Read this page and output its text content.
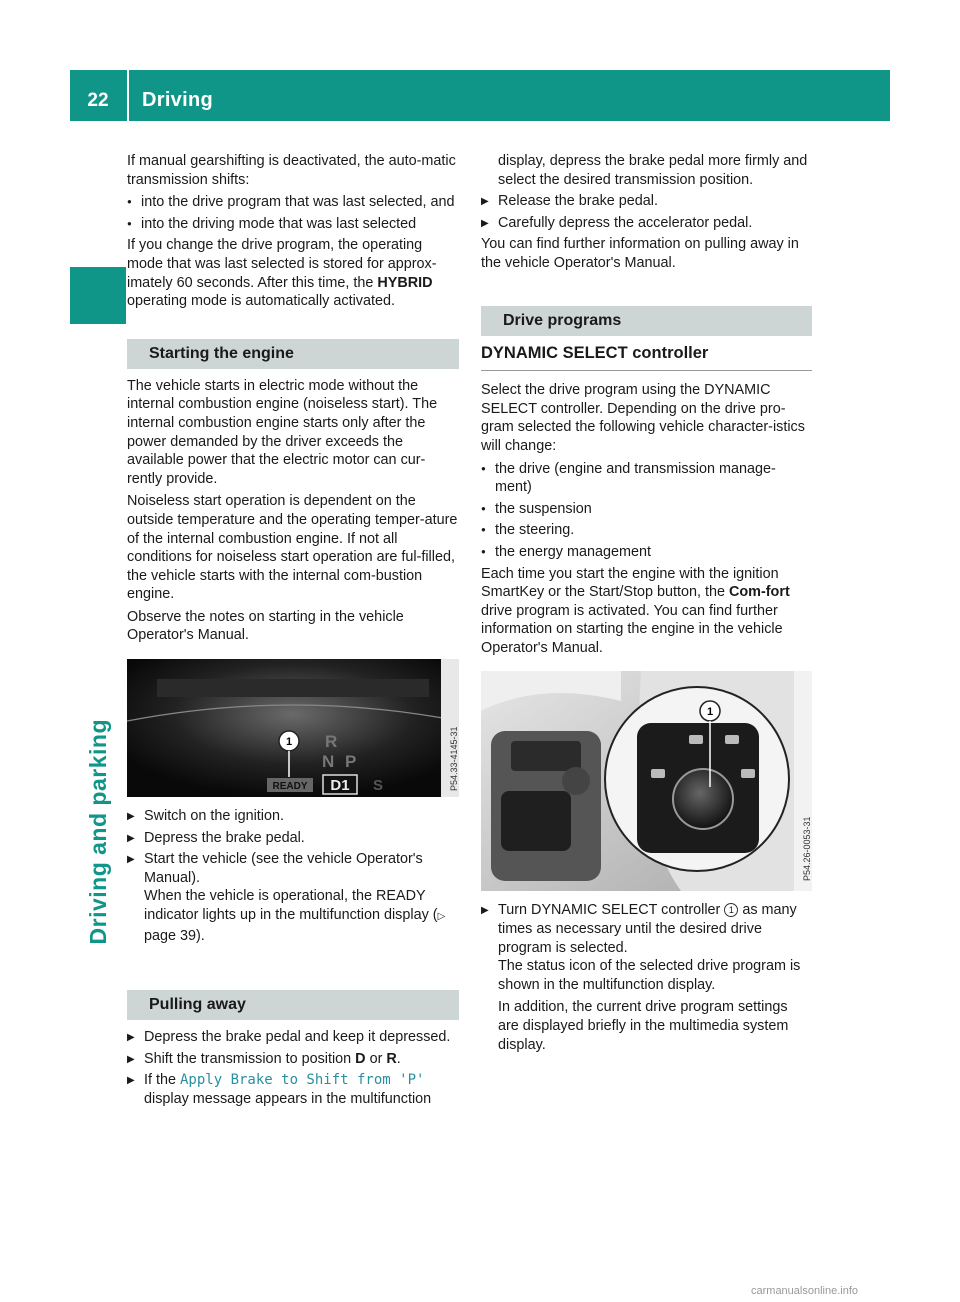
22	Driving
Driving and parking

If manual gearshifting is deactivated, the auto-matic transmission shifts:

● into the drive program that was last selected, and
● into the driving mode that was last selected

If you change the drive program, the operating mode that was last selected is stored for approx-imately 60 seconds. After this time, the HYBRID operating mode is automatically activated.

Starting the engine

The vehicle starts in electric mode without the internal combustion engine (noiseless start). The internal combustion engine starts only after the power demanded by the driver exceeds the available power that the electric motor can cur-rently provide.

Noiseless start operation is dependent on the outside temperature and the operating temper-ature of the internal combustion engine. If not all conditions for noiseless start operation are ful-filled, the vehicle starts with the internal com-bustion engine.

Observe the notes on starting in the vehicle Operator's Manual.

1 R
N P
READY D1 S	P54.33-4145-31
▶ Switch on the ignition.
▶ Depress the brake pedal.
▶ Start the vehicle (see the vehicle Operator's Manual).
When the vehicle is operational, the READY indicator lights up in the multifunction display (▷ page 39).
Pulling away
▶ Depress the brake pedal and keep it depressed.
▶ Shift the transmission to position D or R.
▶ If the Apply Brake to Shift from 'P' display message appears in the multifunction
display, depress the brake pedal more firmly and select the desired transmission position.
▶ Release the brake pedal.
▶ Carefully depress the accelerator pedal.

You can find further information on pulling away in the vehicle Operator's Manual.

Drive programs
DYNAMIC SELECT controller

Select the drive program using the DYNAMIC SELECT controller. Depending on the drive pro-gram selected the following vehicle character-istics will change:

● the drive (engine and transmission manage-ment)
● the suspension
● the steering.
● the energy management

Each time you start the engine with the ignition SmartKey or the Start/Stop button, the Com-fort drive program is activated. You can find further information on starting the engine in the vehicle Operator's Manual.

1
P54.26-0053-31
▶ Turn DYNAMIC SELECT controller 1 as many times as necessary until the desired drive program is selected.
The status icon of the selected drive program is shown in the multifunction display.
In addition, the current drive program settings are displayed briefly in the multimedia system display.
carmanualsonline.info
